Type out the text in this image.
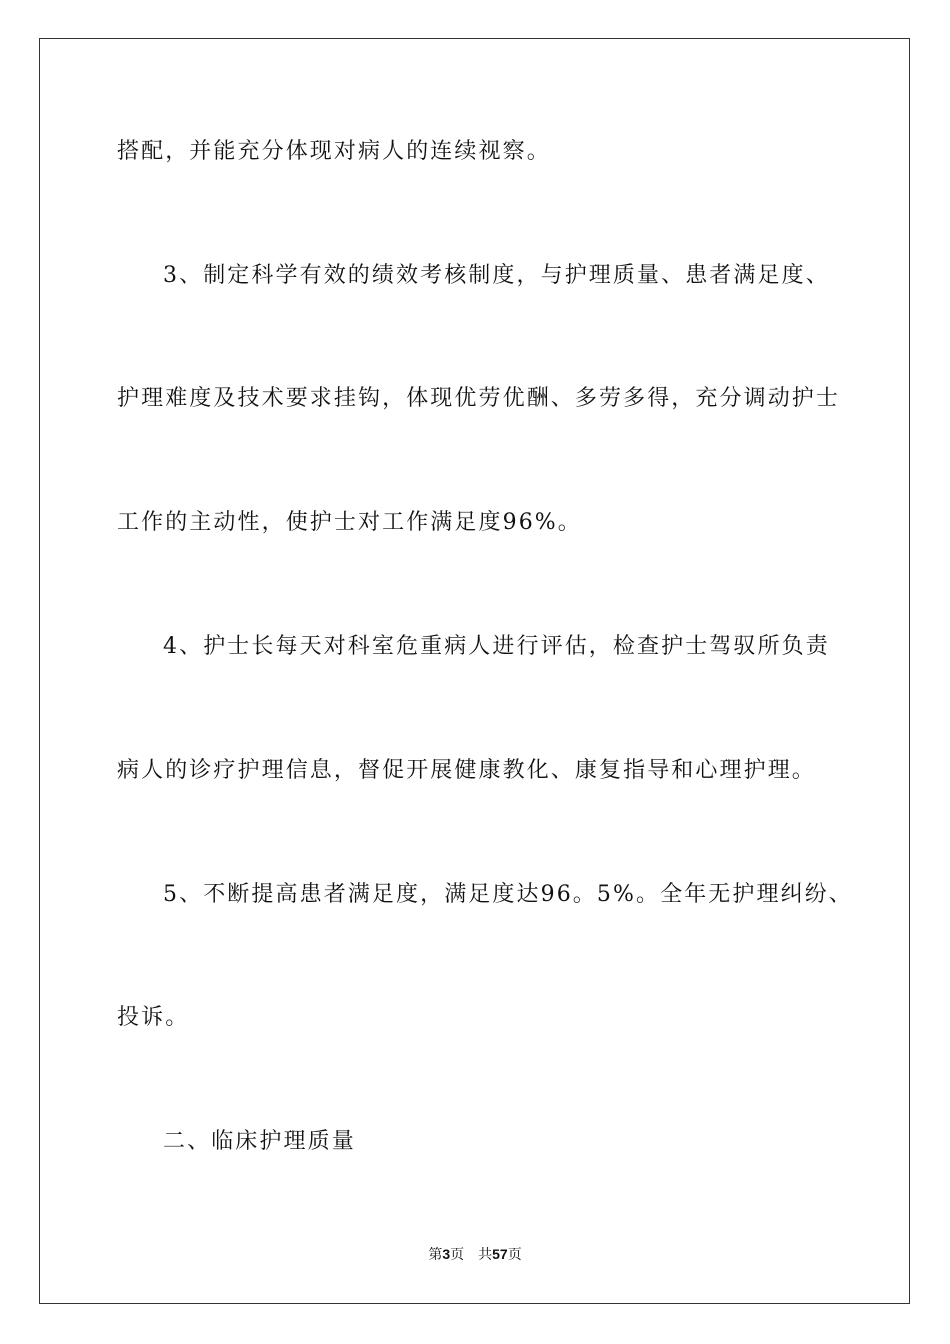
搭配，并能充分体现对病人的连续视察。
3、制定科学有效的绩效考核制度，与护理质量、患者满足度、
护理难度及技术要求挂钩，体现优劳优酬、多劳多得，充分调动护士
工作的主动性，使护士对工作满足度96%。
4、护士长每天对科室危重病人进行评估，检查护士驾驭所负责
病人的诊疗护理信息，督促开展健康教化、康复指导和心理护理。
5、不断提高患者满足度，满足度达96。5%。全年无护理纠纷、
投诉。
二、临床护理质量
第3页 共57页
